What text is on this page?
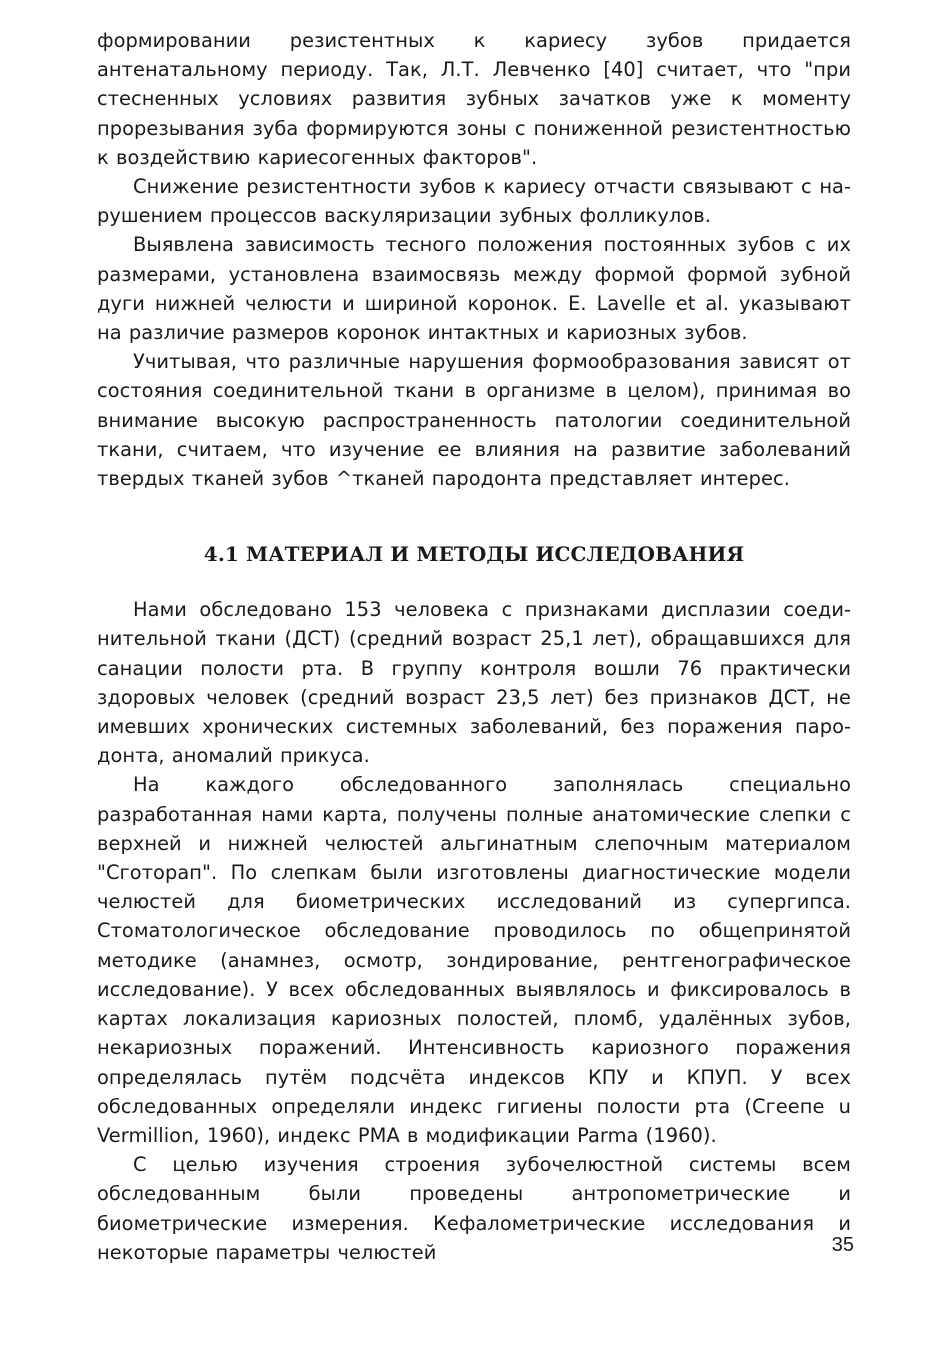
формировании резистентных к кариесу зубов придается антенатальному периоду. Так, Л.Т. Левченко [40] считает, что "при стесненных условиях развития зубных зачатков уже к моменту прорезывания зуба формируются зоны с пониженной резистентностью к воздействию кариесогенных факторов".

Снижение резистентности зубов к кариесу отчасти связывают с нарушением процессов васкуляризации зубных фолликулов.

Выявлена зависимость тесного положения постоянных зубов с их размерами, установлена взаимосвязь между формой формой зубной дуги нижней челюсти и шириной коронок. Е. Lavelle et al. указывают на различие размеров коронок интактных и кариозных зубов.

Учитывая, что различные нарушения формообразования зависят от состояния соединительной ткани в организме в целом), принимая во внимание высокую распространенность патологии соединительной ткани, считаем, что изучение ее влияния на развитие заболеваний твердых тканей зубов ^тканей пародонта представляет интерес.

4.1 МАТЕРИАЛ И МЕТОДЫ ИССЛЕДОВАНИЯ

Нами обследовано 153 человека с признаками дисплазии соединительной ткани (ДСТ) (средний возраст 25,1 лет), обращавшихся для санации полости рта. В группу контроля вошли 76 практически здоровых человек (средний возраст 23,5 лет) без признаков ДСТ, не имевших хронических системных заболеваний, без поражения пародонта, аномалий прикуса.

На каждого обследованного заполнялась специально разработанная нами карта, получены полные анатомические слепки с верхней и нижней челюстей альгинатным слепочным материалом "Сготорап". По слепкам были изготовлены диагностические модели челюстей для биометрических исследований из супергипса. Стоматологическое обследование проводилось по общепринятой методике (анамнез, осмотр, зондирование, рентгенографическое исследование). У всех обследованных выявлялось и фиксировалось в картах локализация кариозных полостей, пломб, удалённых зубов, некариозных поражений. Интенсивность кариозного поражения определялась путём подсчёта индексов КПУ и КПУП. У всех обследованных определяли индекс гигиены полости рта (Сгеепе u Vermillion, 1960), индекс РМА в модификации Parma (1960).

С целью изучения строения зубочелюстной системы всем обследованным были проведены антропометрические и биометрические измерения. Кефалометрические исследования и некоторые параметры челюстей	35
